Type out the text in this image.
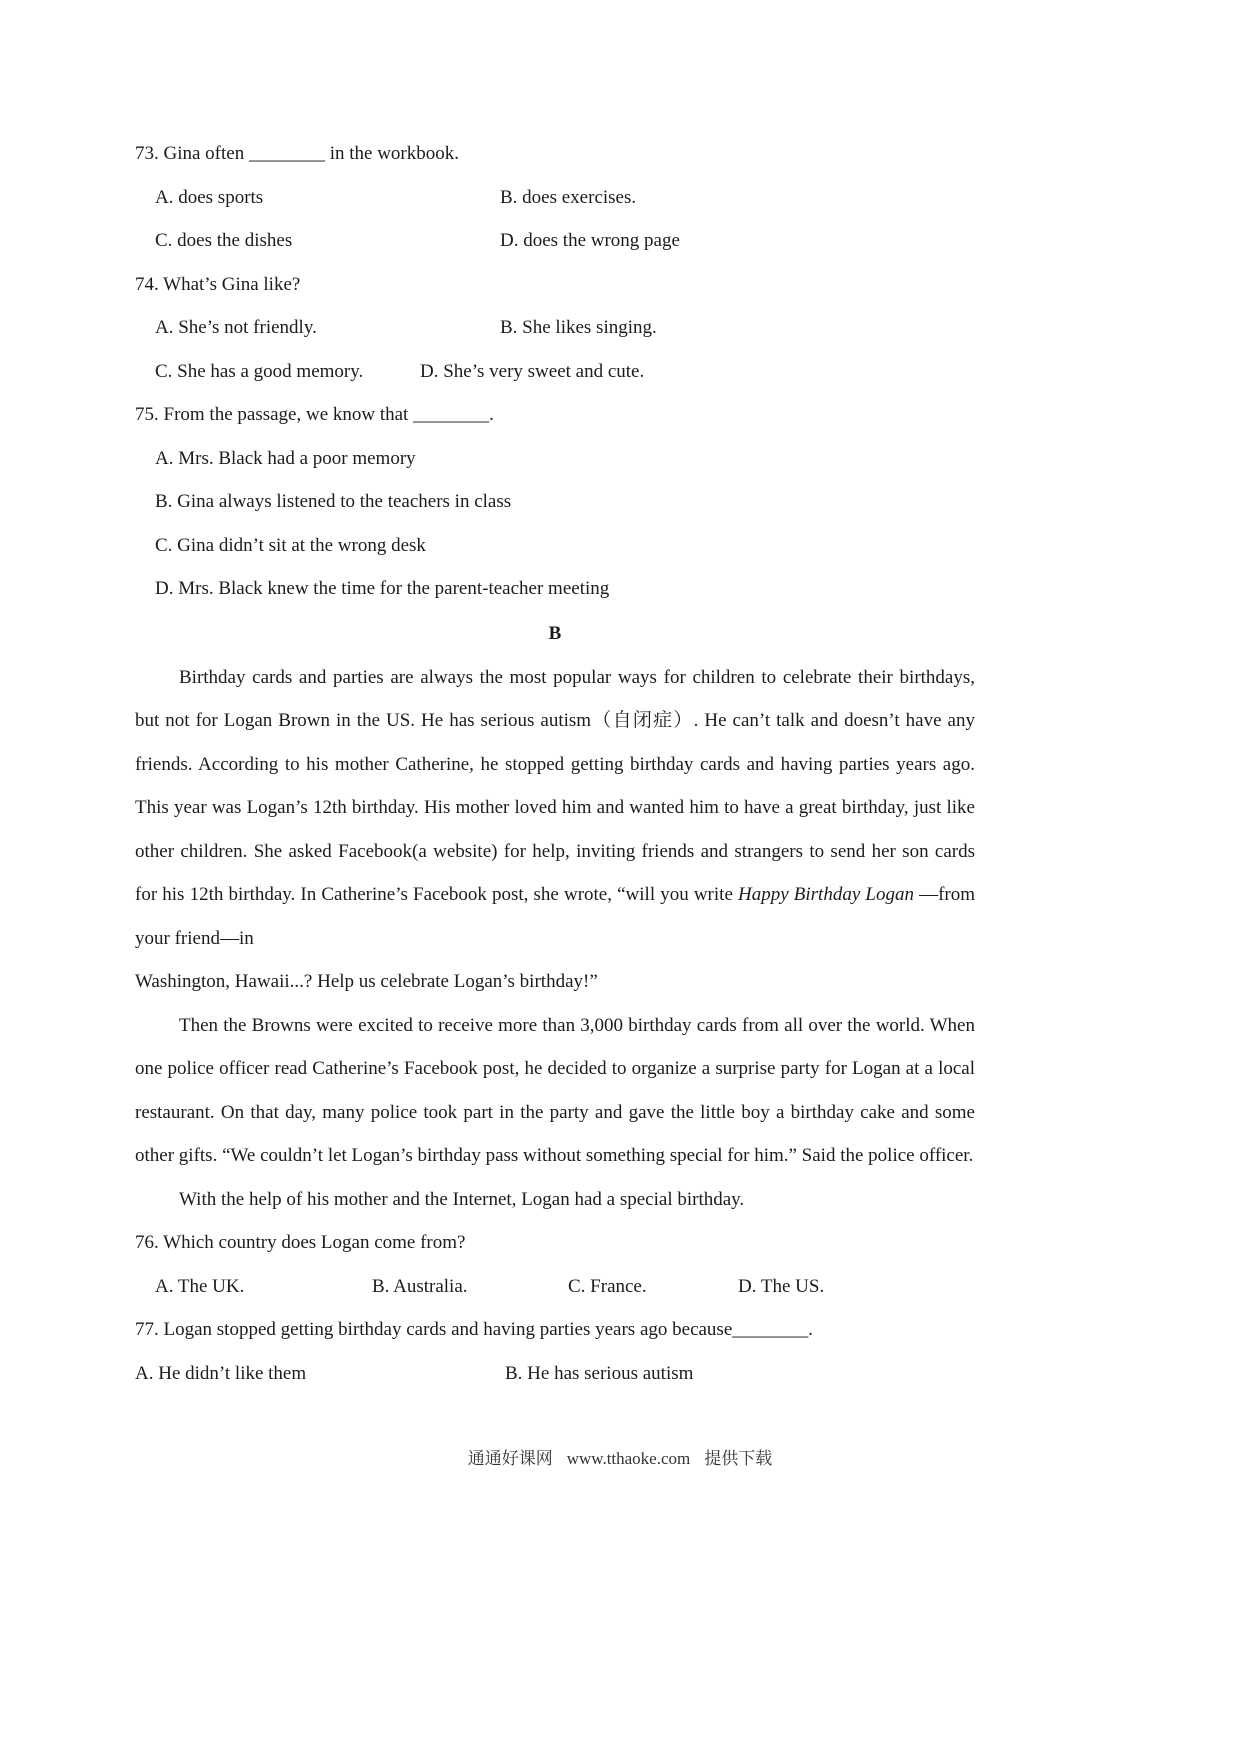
73. Gina often ________ in the workbook.
A. does sports	B. does exercises.
C. does the dishes	D. does the wrong page
74. What’s Gina like?
A. She’s not friendly.	B. She likes singing.
C. She has a good memory.	D. She’s very sweet and cute.
75. From the passage, we know that ________.
A. Mrs. Black had a poor memory
B. Gina always listened to the teachers in class
C. Gina didn’t sit at the wrong desk
D. Mrs. Black knew the time for the parent-teacher meeting
B

Birthday cards and parties are always the most popular ways for children to celebrate their birthdays, but not for Logan Brown in the US. He has serious autism（自闭症）. He can’t talk and doesn’t have any friends. According to his mother Catherine, he stopped getting birthday cards and having parties years ago. This year was Logan’s 12th birthday. His mother loved him and wanted him to have a great birthday, just like other children. She asked Facebook(a website) for help, inviting friends and strangers to send her son cards for his 12th birthday. In Catherine’s Facebook post, she wrote, “will you write Happy Birthday Logan —from your friend—in

Washington, Hawaii...? Help us celebrate Logan’s birthday!”

Then the Browns were excited to receive more than 3,000 birthday cards from all over the world. When one police officer read Catherine’s Facebook post, he decided to organize a surprise party for Logan at a local restaurant. On that day, many police took part in the party and gave the little boy a birthday cake and some other gifts. “We couldn’t let Logan’s birthday pass without something special for him.” Said the police officer.

With the help of his mother and the Internet, Logan had a special birthday.

76. Which country does Logan come from?
A. The UK.	B. Australia.	C. France.	D. The US.
77. Logan stopped getting birthday cards and having parties years ago because________.
A. He didn’t like them	B. He has serious autism
通通好课网 www.tthaoke.com 提供下载
